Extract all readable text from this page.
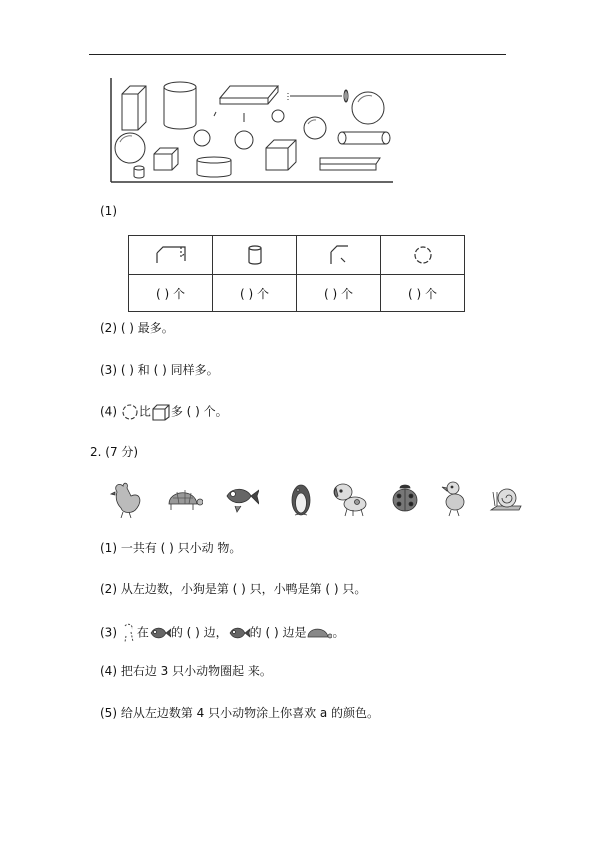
(1)

( ) 个	( ) 个	( ) 个	( ) 个
(2) ( ) 最多。
(3) ( ) 和 ( ) 同样多。
(4) 比 多 ( ) 个。
2. (7 分)
(1) 一共有 ( ) 只小动 物。
(2) 从左边数，小狗是第 ( ) 只，小鸭是第 ( ) 只。
(3) 在 的 ( ) 边， 的 ( ) 边是 。
(4) 把右边 3 只小动物圈起 来。
(5) 给从左边数第 4 只小动物涂上你喜欢 a 的颜色。
